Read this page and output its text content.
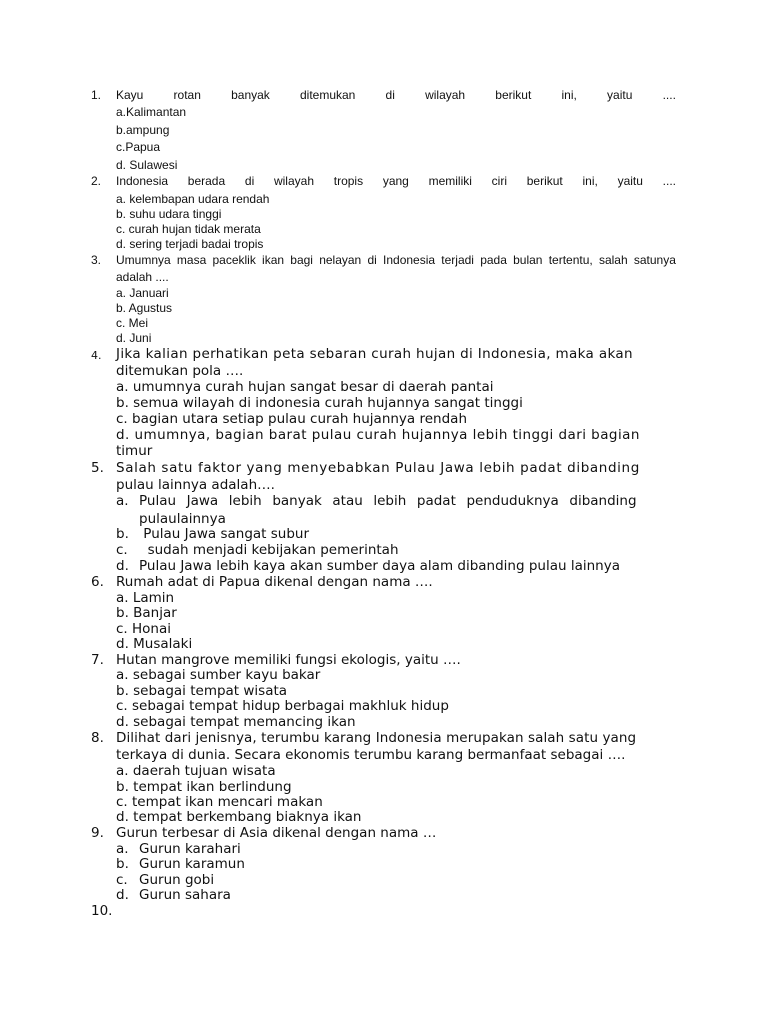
1. Kayu	rotan	banyak	ditemukan	di	wilayah	berikut	ini,	yaitu	....
a.Kalimantan
b.ampung
c.Papua
d. Sulawesi
2. Indonesia berada di wilayah tropis yang memiliki ciri berikut ini, yaitu ....
a. kelembapan udara rendah
b. suhu udara tinggi
c. curah hujan tidak merata
d. sering terjadi badai tropis
3. Umumnya masa paceklik ikan bagi nelayan di Indonesia terjadi pada bulan tertentu, salah satunya
adalah ....
a. Januari
b. Agustus
c. Mei
d. Juni
4. Jika kalian perhatikan peta sebaran curah hujan di Indonesia, maka akan
ditemukan pola ….
a. umumnya curah hujan sangat besar di daerah pantai
b. semua wilayah di indonesia curah hujannya sangat tinggi
c. bagian utara setiap pulau curah hujannya rendah
d. umumnya, bagian barat pulau curah hujannya lebih tinggi dari bagian
timur
5. Salah satu faktor yang menyebabkan Pulau Jawa lebih padat dibanding
pulau lainnya adalah….
a. Pulau Jawa lebih banyak atau lebih padat penduduknya dibanding
pulaulainnya
b. Pulau Jawa sangat subur
c. sudah menjadi kebijakan pemerintah
d. Pulau Jawa lebih kaya akan sumber daya alam dibanding pulau lainnya
6. Rumah adat di Papua dikenal dengan nama ….
a. Lamin
b. Banjar
c. Honai
d. Musalaki
7. Hutan mangrove memiliki fungsi ekologis, yaitu ….
a. sebagai sumber kayu bakar
b. sebagai tempat wisata
c. sebagai tempat hidup berbagai makhluk hidup
d. sebagai tempat memancing ikan
8. Dilihat dari jenisnya, terumbu karang Indonesia merupakan salah satu yang
terkaya di dunia. Secara ekonomis terumbu karang bermanfaat sebagai ….
a. daerah tujuan wisata
b. tempat ikan berlindung
c. tempat ikan mencari makan
d. tempat berkembang biaknya ikan
9. Gurun terbesar di Asia dikenal dengan nama …
a. Gurun karahari
b. Gurun karamun
c. Gurun gobi
d. Gurun sahara
10.
